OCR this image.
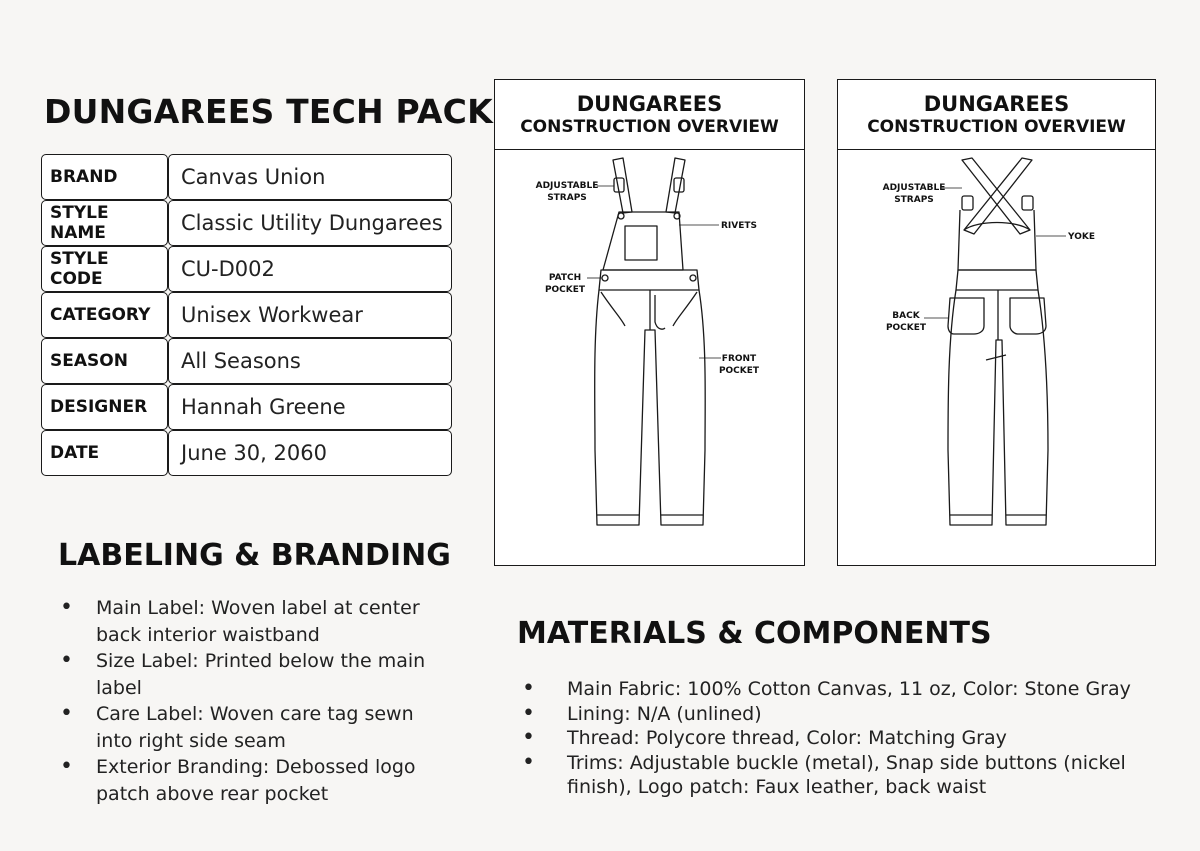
DUNGAREES TECH PACK
BRAND	Canvas Union
STYLE NAME	Classic Utility Dungarees
STYLE CODE	CU-D002
CATEGORY	Unisex Workwear
SEASON	All Seasons
DESIGNER	Hannah Greene
DATE	June 30, 2060
LABELING & BRANDING
• Main Label: Woven label at center back interior waistband
• Size Label: Printed below the main label
• Care Label: Woven care tag sewn into right side seam
• Exterior Branding: Debossed logo patch above rear pocket
DUNGAREES
CONSTRUCTION OVERVIEW
ADJUSTABLE
STRAPS
RIVETS
PATCH
POCKET
FRONT
POCKET
DUNGAREES
CONSTRUCTION OVERVIEW
ADJUSTABLE
STRAPS
YOKE
BACK
POCKET
MATERIALS & COMPONENTS
• Main Fabric: 100% Cotton Canvas, 11 oz, Color: Stone Gray
• Lining: N/A (unlined)
• Thread: Polycore thread, Color: Matching Gray
• Trims: Adjustable buckle (metal), Snap side buttons (nickel finish), Logo patch: Faux leather, back waist
